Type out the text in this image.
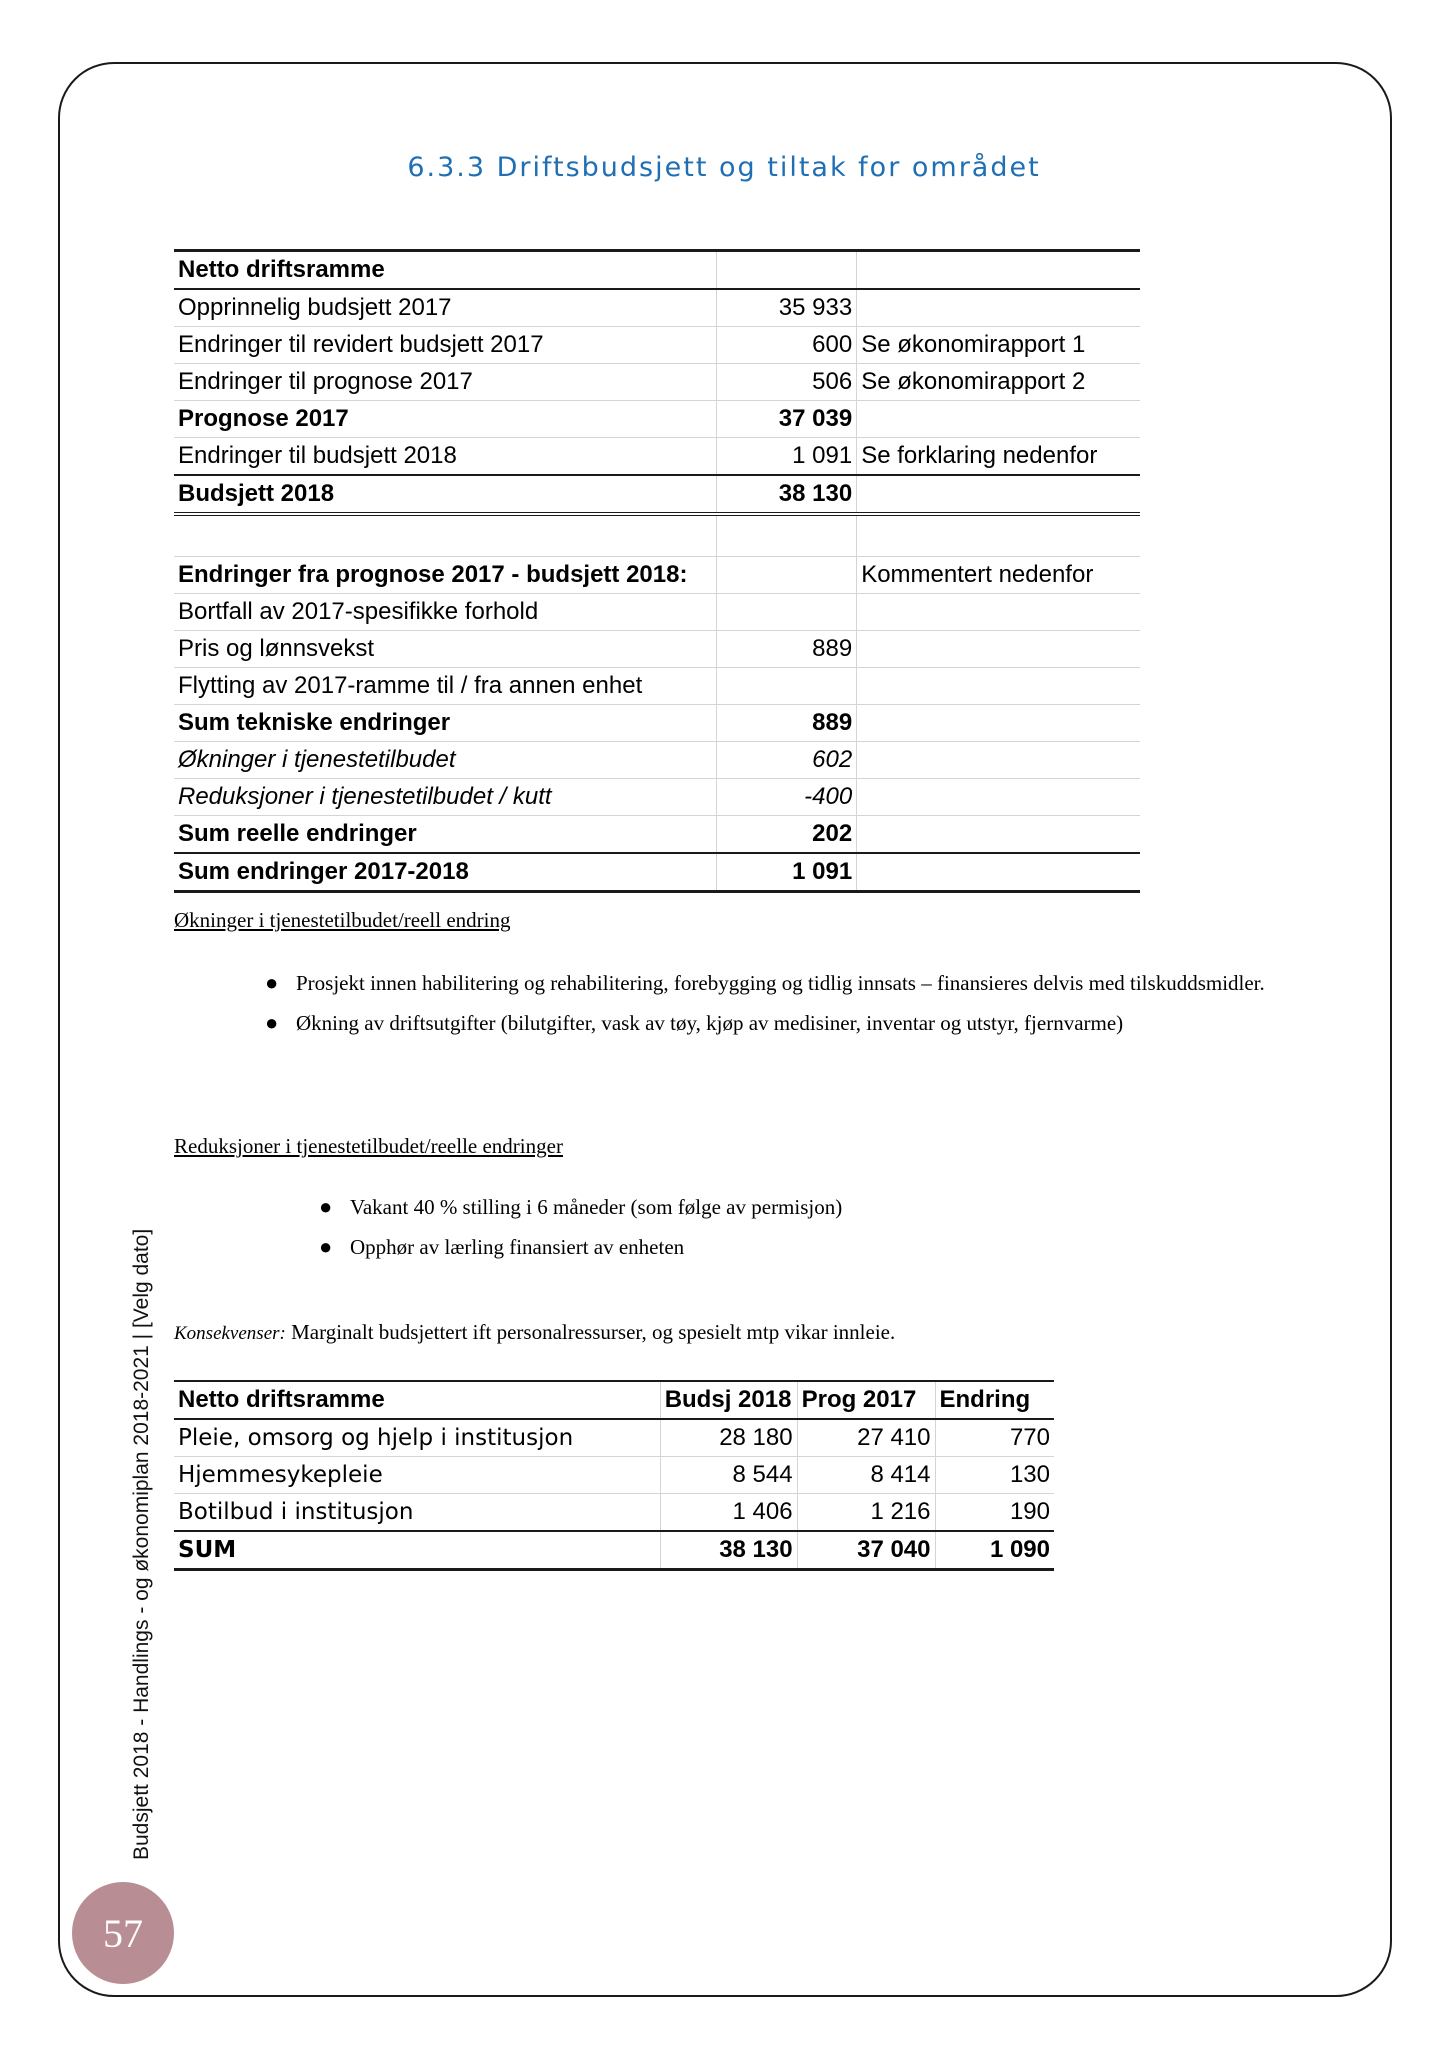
6.3.3 Driftsbudsjett og tiltak for området
Netto driftsramme		
Opprinnelig budsjett 2017	35 933	
Endringer til revidert budsjett 2017	600	Se økonomirapport 1
Endringer til prognose 2017	506	Se økonomirapport 2
Prognose 2017	37 039	
Endringer til budsjett 2018	1 091	Se forklaring nedenfor
Budsjett 2018	38 130	

Endringer fra prognose 2017 - budsjett 2018:		Kommentert nedenfor
Bortfall av 2017-spesifikke forhold		
Pris og lønnsvekst	889	
Flytting av 2017-ramme til / fra annen enhet		
Sum tekniske endringer	889	
Økninger i tjenestetilbudet	602	
Reduksjoner i tjenestetilbudet / kutt	-400	
Sum reelle endringer	202	
Sum endringer 2017-2018	1 091	
Økninger i tjenestetilbudet/reell endring
● Prosjekt innen habilitering og rehabilitering, forebygging og tidlig innsats – finansieres delvis med tilskuddsmidler.
● Økning av driftsutgifter (bilutgifter, vask av tøy, kjøp av medisiner, inventar og utstyr, fjernvarme)
Reduksjoner i tjenestetilbudet/reelle endringer
● Vakant 40 % stilling i 6 måneder (som følge av permisjon)
● Opphør av lærling finansiert av enheten
Konsekvenser: Marginalt budsjettert ift personalressurser, og spesielt mtp vikar innleie.
Netto driftsramme	Budsj 2018	Prog 2017	Endring
Pleie, omsorg og hjelp i institusjon	28 180	27 410	770
Hjemmesykepleie	8 544	8 414	130
Botilbud i institusjon	1 406	1 216	190
SUM	38 130	37 040	1 090
Budsjett 2018 - Handlings - og økonomiplan 2018-2021 | [Velg dato]
57
